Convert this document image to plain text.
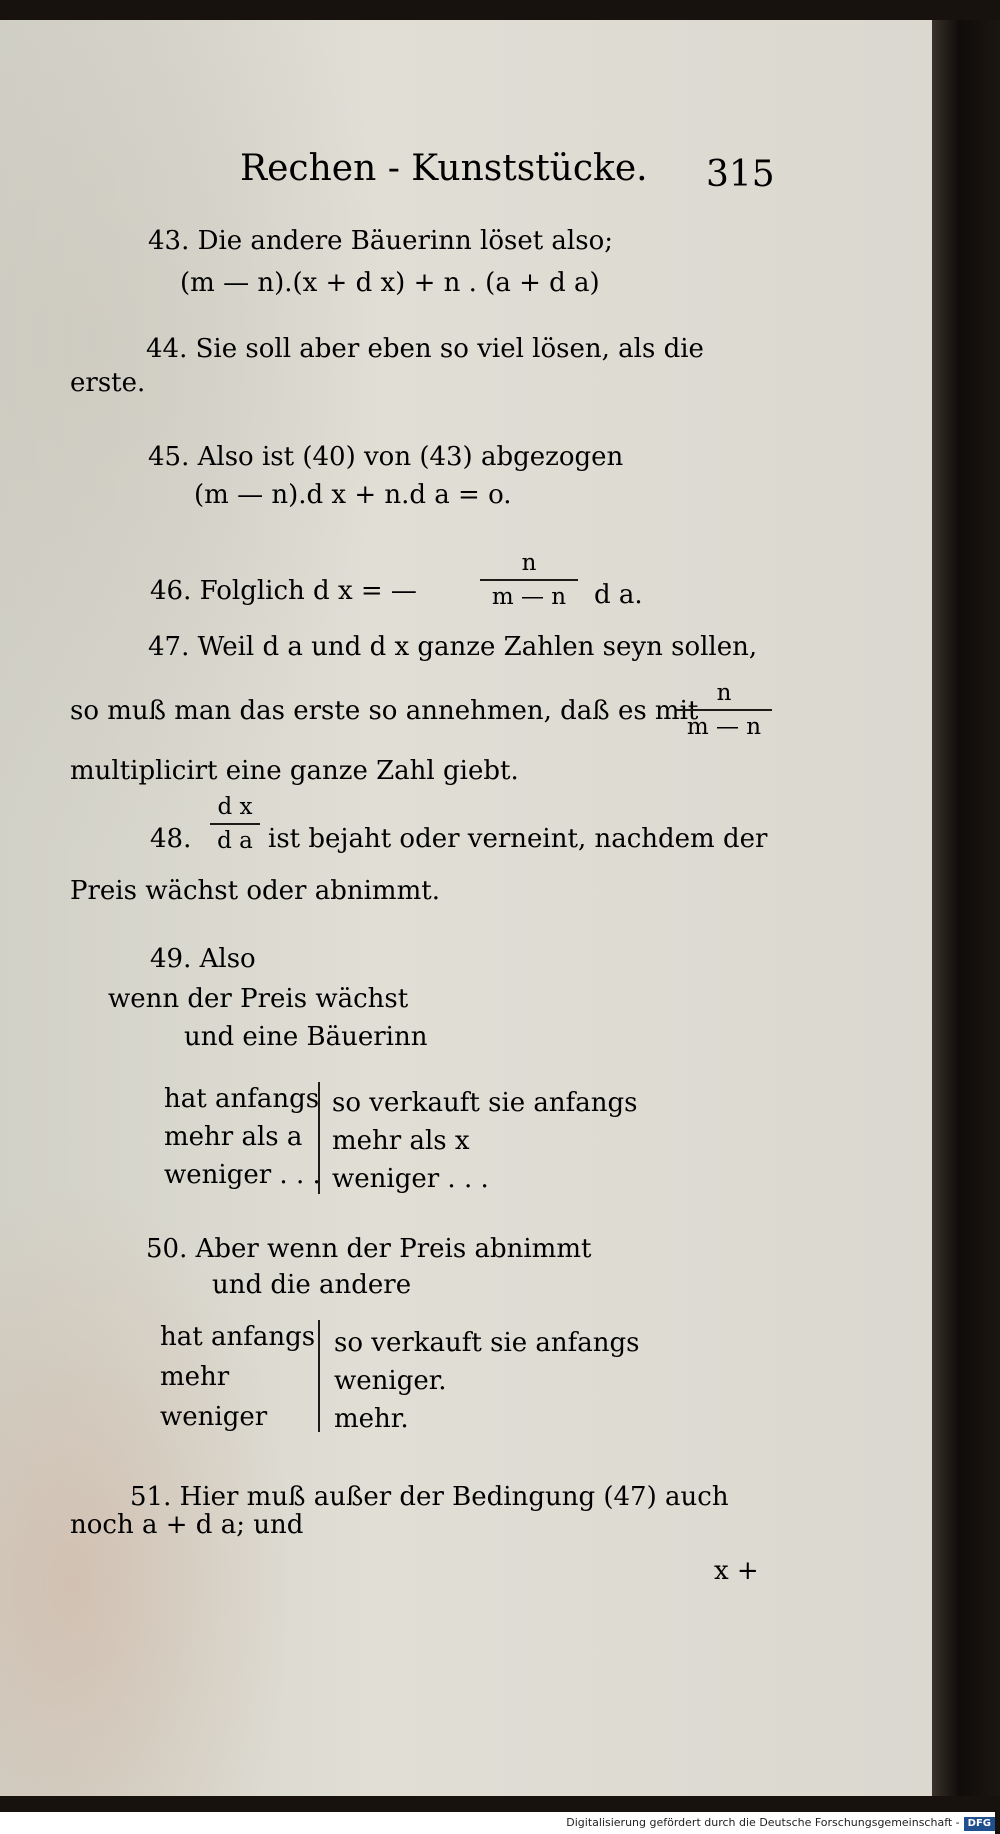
Rechen - Kunststücke. 315
43. Die andere Bäuerinn löset also;
(m — n).(x + d x) + n . (a + d a)
44. Sie soll aber eben so viel lösen, als die
erste.
45. Also ist (40) von (43) abgezogen
(m — n).d x + n.d a = o.
46. Folglich d x = —
n
m — n	d a.
47. Weil d a und d x ganze Zahlen seyn sollen,
so muß man das erste so annehmen, daß es mit
n
m — n
multiplicirt eine ganze Zahl giebt.
48.
d x
d a ist bejaht oder verneint, nachdem der
Preis wächst oder abnimmt.
49. Also
wenn der Preis wächst
und eine Bäuerinn
hat anfangs
mehr als a
weniger . . .
so verkauft sie anfangs
mehr als x
weniger . . .
50. Aber wenn der Preis abnimmt
und die andere
hat anfangs
mehr
weniger
so verkauft sie anfangs
weniger.
mehr.
51. Hier muß außer der Bedingung (47) auch
noch a + d a; und
x +
Digitalisierung gefördert durch die Deutsche Forschungsgemeinschaft - DFG
